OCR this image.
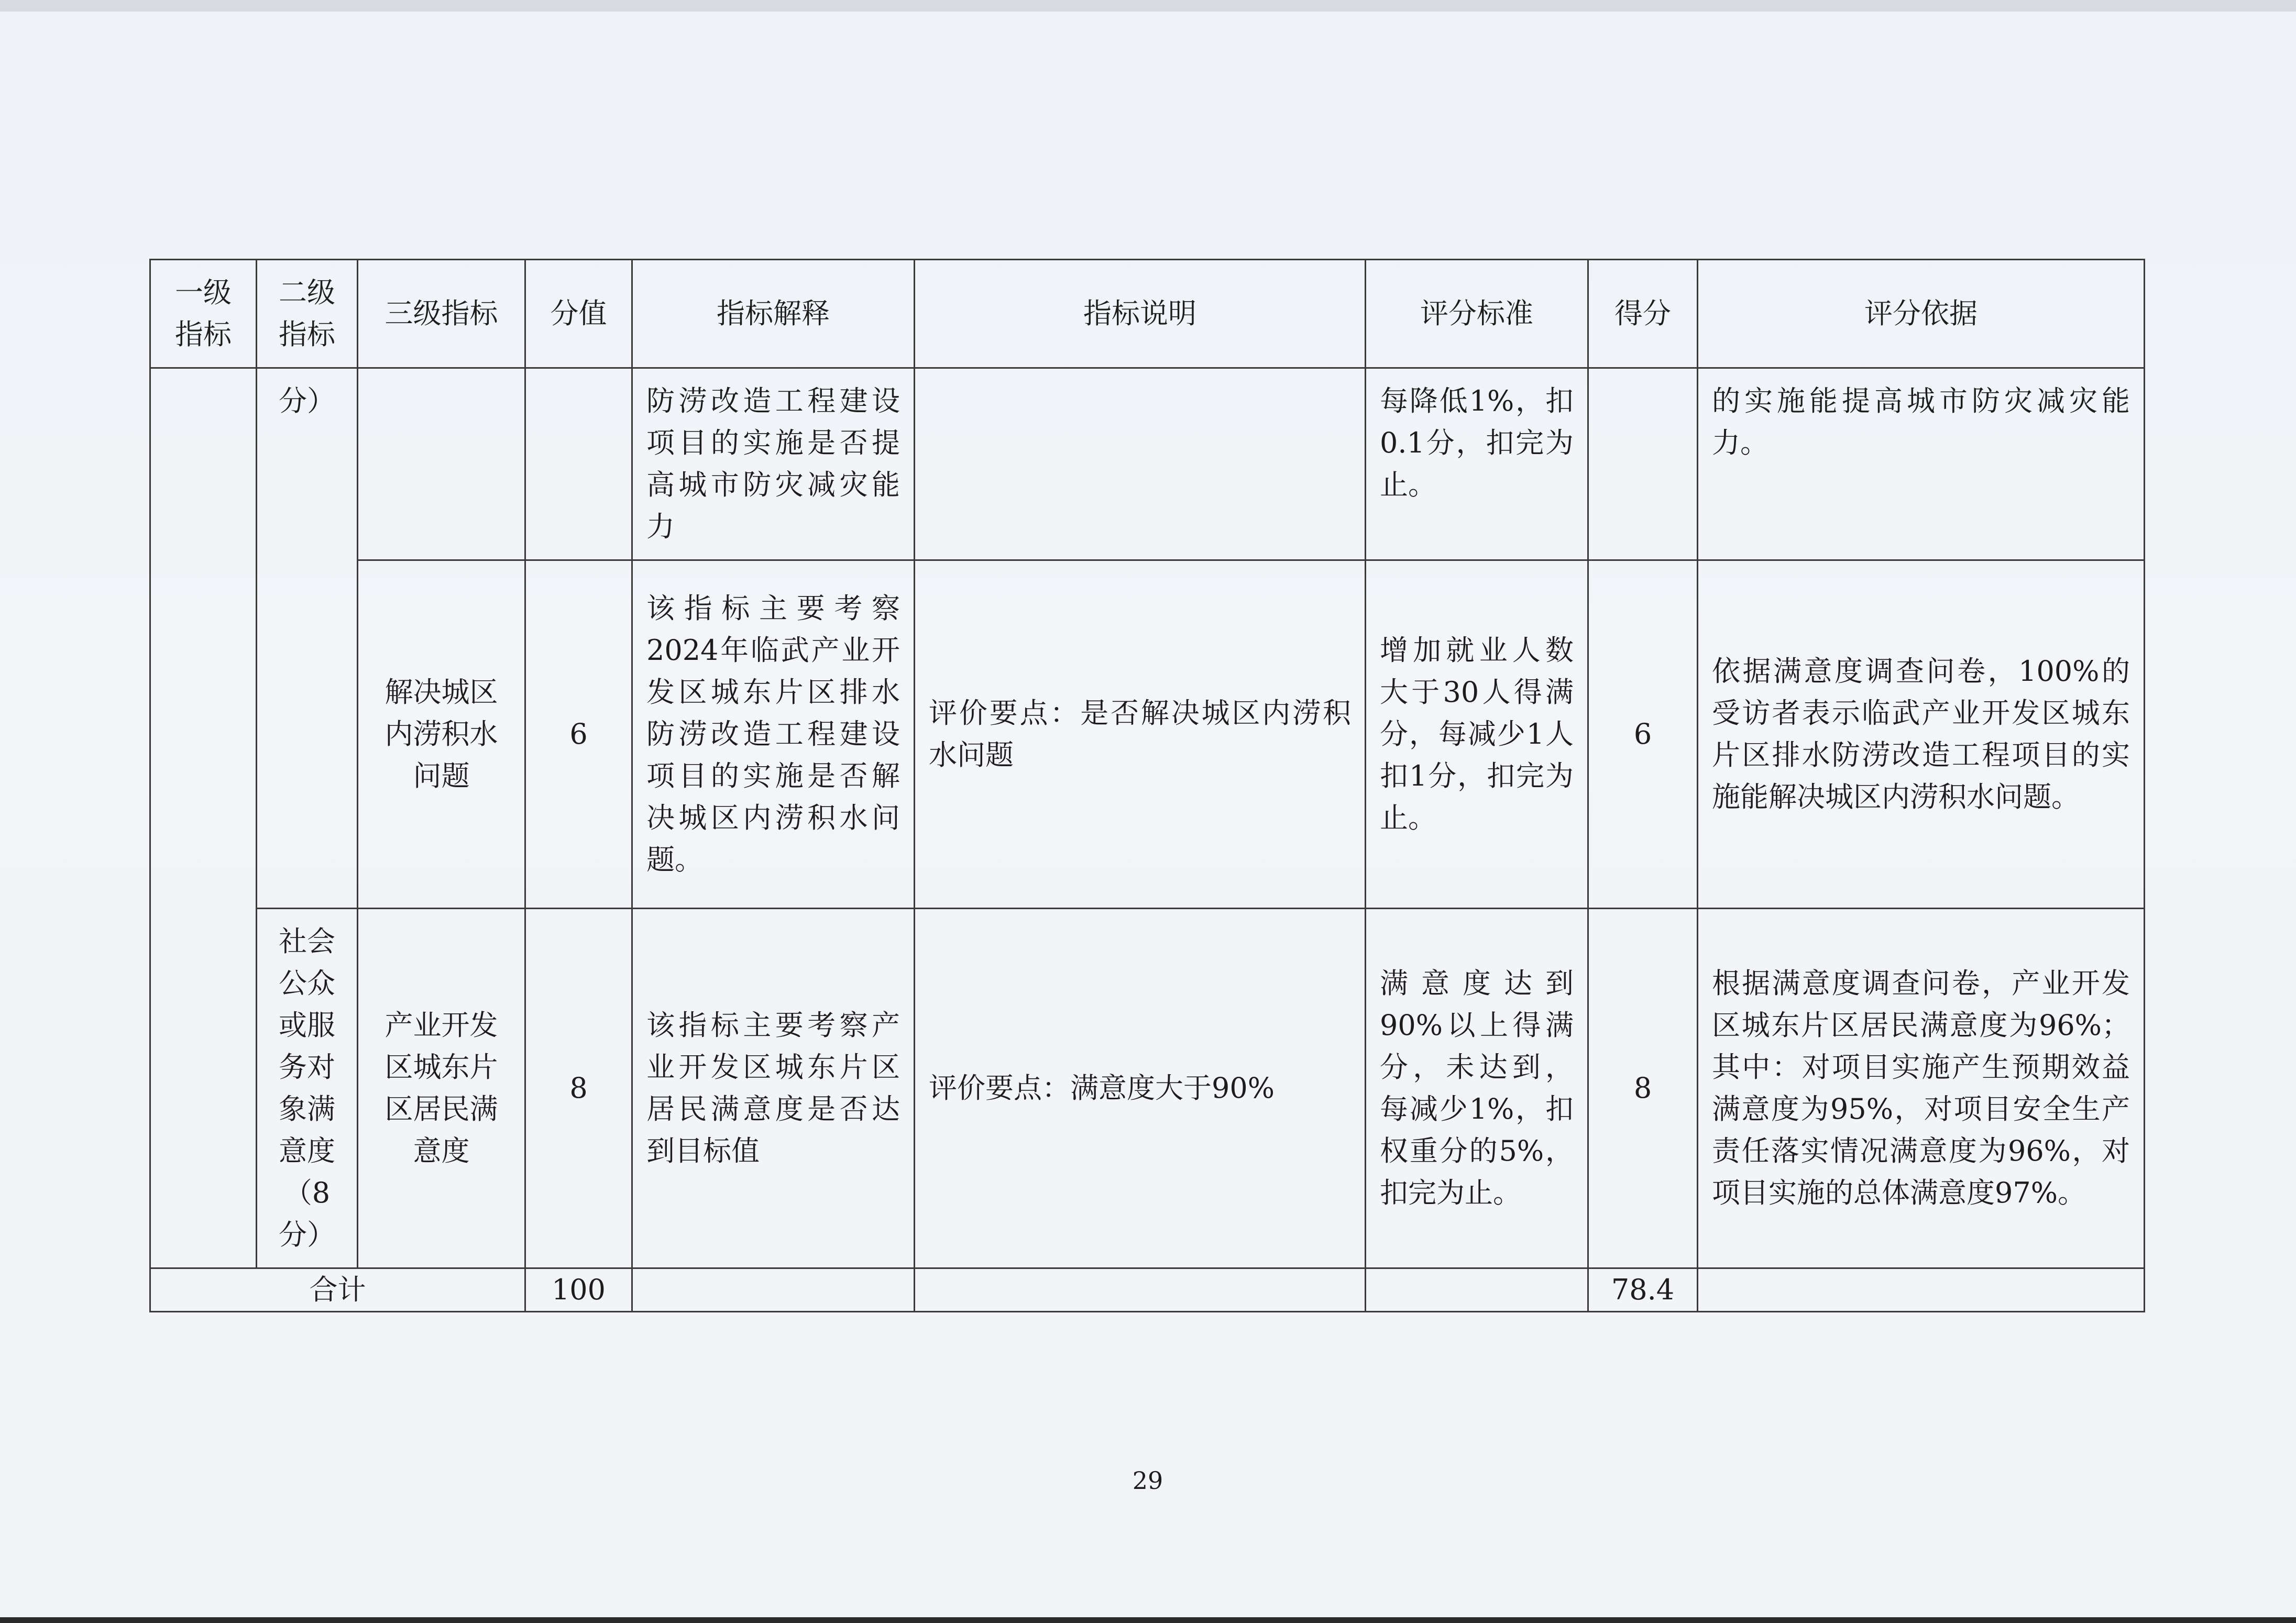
一级指标	二级指标	三级指标	分值	指标解释	指标说明	评分标准	得分	评分依据
	分）			防涝改造工程建设项目的实施是否提高城市防灾减灾能力		每降低1%，扣0.1分，扣完为止。		的实施能提高城市防灾减灾能力。
		解决城区内涝积水问题	6	该指标主要考察2024年临武产业开发区城东片区排水防涝改造工程建设项目的实施是否解决城区内涝积水问题。	评价要点：是否解决城区内涝积水问题	增加就业人数大于30人得满分，每减少1人扣1分，扣完为止。	6	依据满意度调查问卷，100%的受访者表示临武产业开发区城东片区排水防涝改造工程项目的实施能解决城区内涝积水问题。
	社会公众或服务对象满意度（8分）	产业开发区城东片区居民满意度	8	该指标主要考察产业开发区城东片区居民满意度是否达到目标值	评价要点：满意度大于90%	满意度达到90%以上得满分，未达到，每减少1%，扣权重分的5%，扣完为止。	8	根据满意度调查问卷，产业开发区城东片区居民满意度为96%；其中：对项目实施产生预期效益满意度为95%，对项目安全生产责任落实情况满意度为96%，对项目实施的总体满意度97%。
合计			100				78.4	
29
